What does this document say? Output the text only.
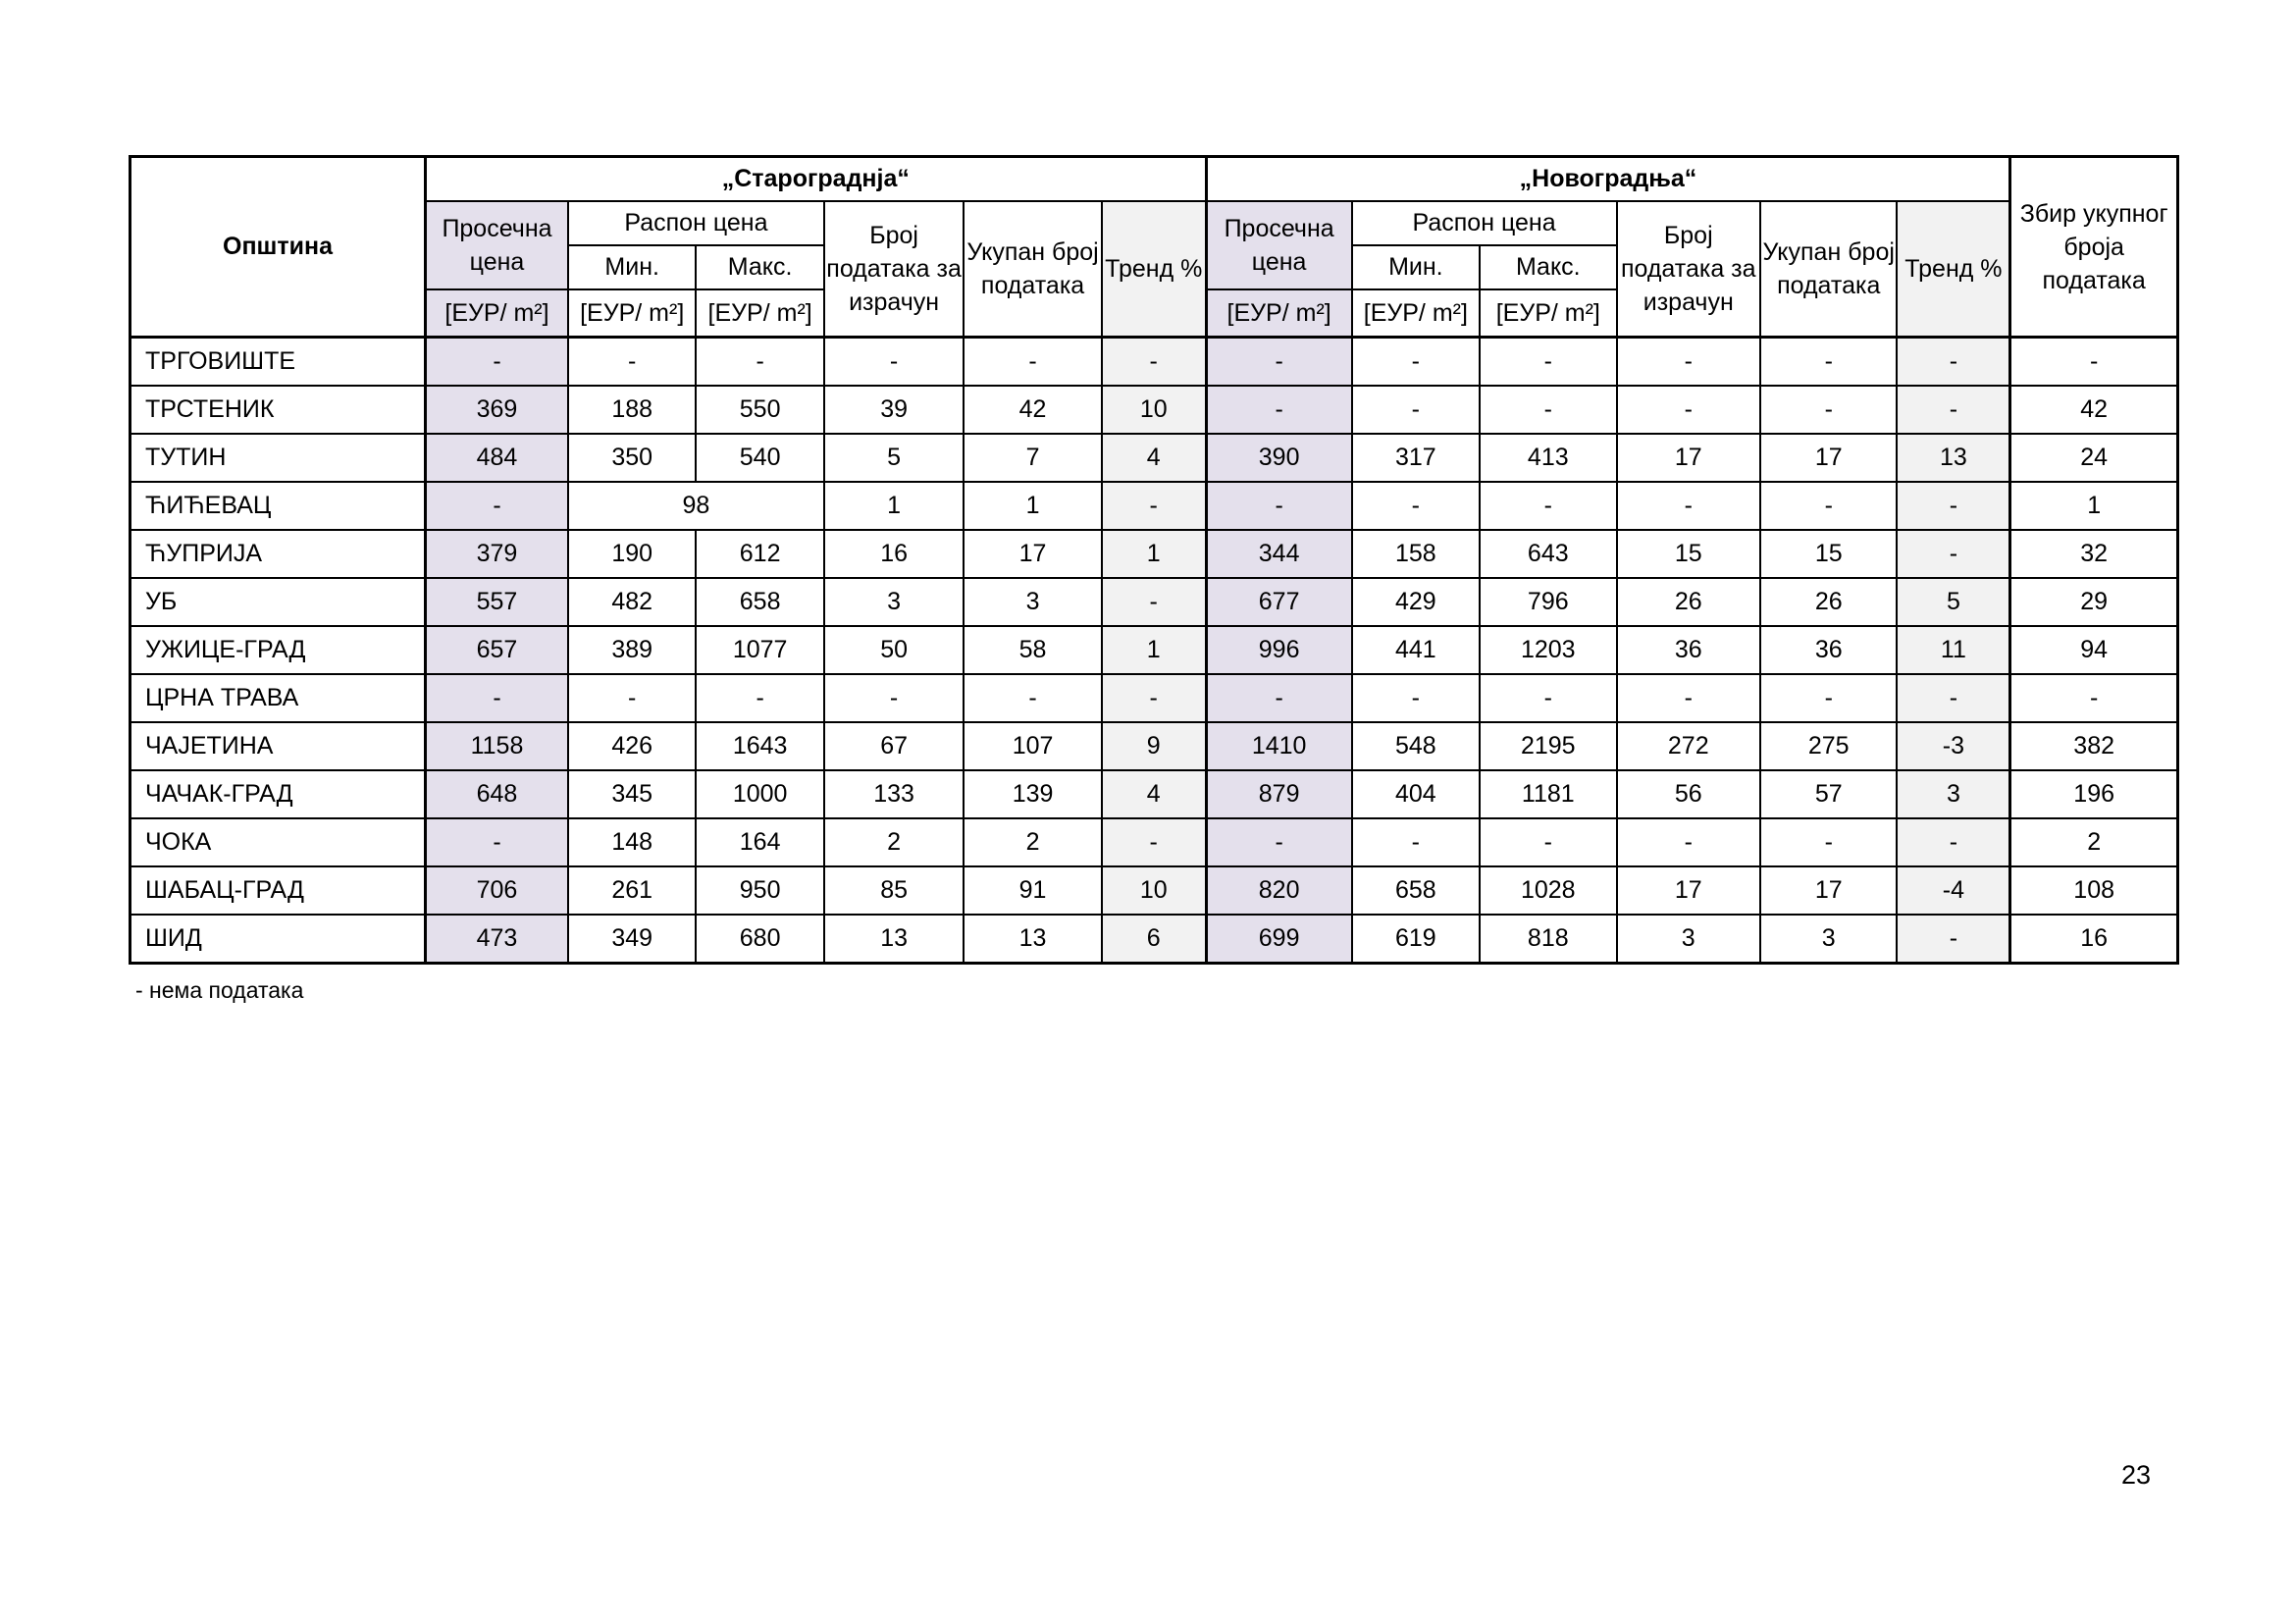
Општина	„Старограднја“						„Новоградња“						Збир укупног броја података
	Просечна цена	Распон цена		Број података за израчун	Укупан број података	Тренд %	Просечна цена	Распон цена		Број података за израчун	Укупан број података	Тренд %	
		Мин.	Макс.					Мин.	Макс.				
	[ЕУР/ m²]	[ЕУР/ m²]	[ЕУР/ m²]				[ЕУР/ m²]	[ЕУР/ m²]	[ЕУР/ m²]				
ТРГОВИШТЕ	-	-	-	-	-	-	-	-	-	-	-	-	-
ТРСТЕНИК	369	188	550	39	42	10	-	-	-	-	-	-	42
ТУТИН	484	350	540	5	7	4	390	317	413	17	17	13	24
ЋИЋЕВАЦ	-	98		1	1	-	-	-	-	-	-	-	1
ЋУПРИЈА	379	190	612	16	17	1	344	158	643	15	15	-	32
УБ	557	482	658	3	3	-	677	429	796	26	26	5	29
УЖИЦЕ-ГРАД	657	389	1077	50	58	1	996	441	1203	36	36	11	94
ЦРНА ТРАВА	-	-	-	-	-	-	-	-	-	-	-	-	-
ЧАЈЕТИНА	1158	426	1643	67	107	9	1410	548	2195	272	275	-3	382
ЧАЧАК-ГРАД	648	345	1000	133	139	4	879	404	1181	56	57	3	196
ЧОКА	-	148	164	2	2	-	-	-	-	-	-	-	2
ШАБАЦ-ГРАД	706	261	950	85	91	10	820	658	1028	17	17	-4	108
ШИД	473	349	680	13	13	6	699	619	818	3	3	-	16
- нема података
23
